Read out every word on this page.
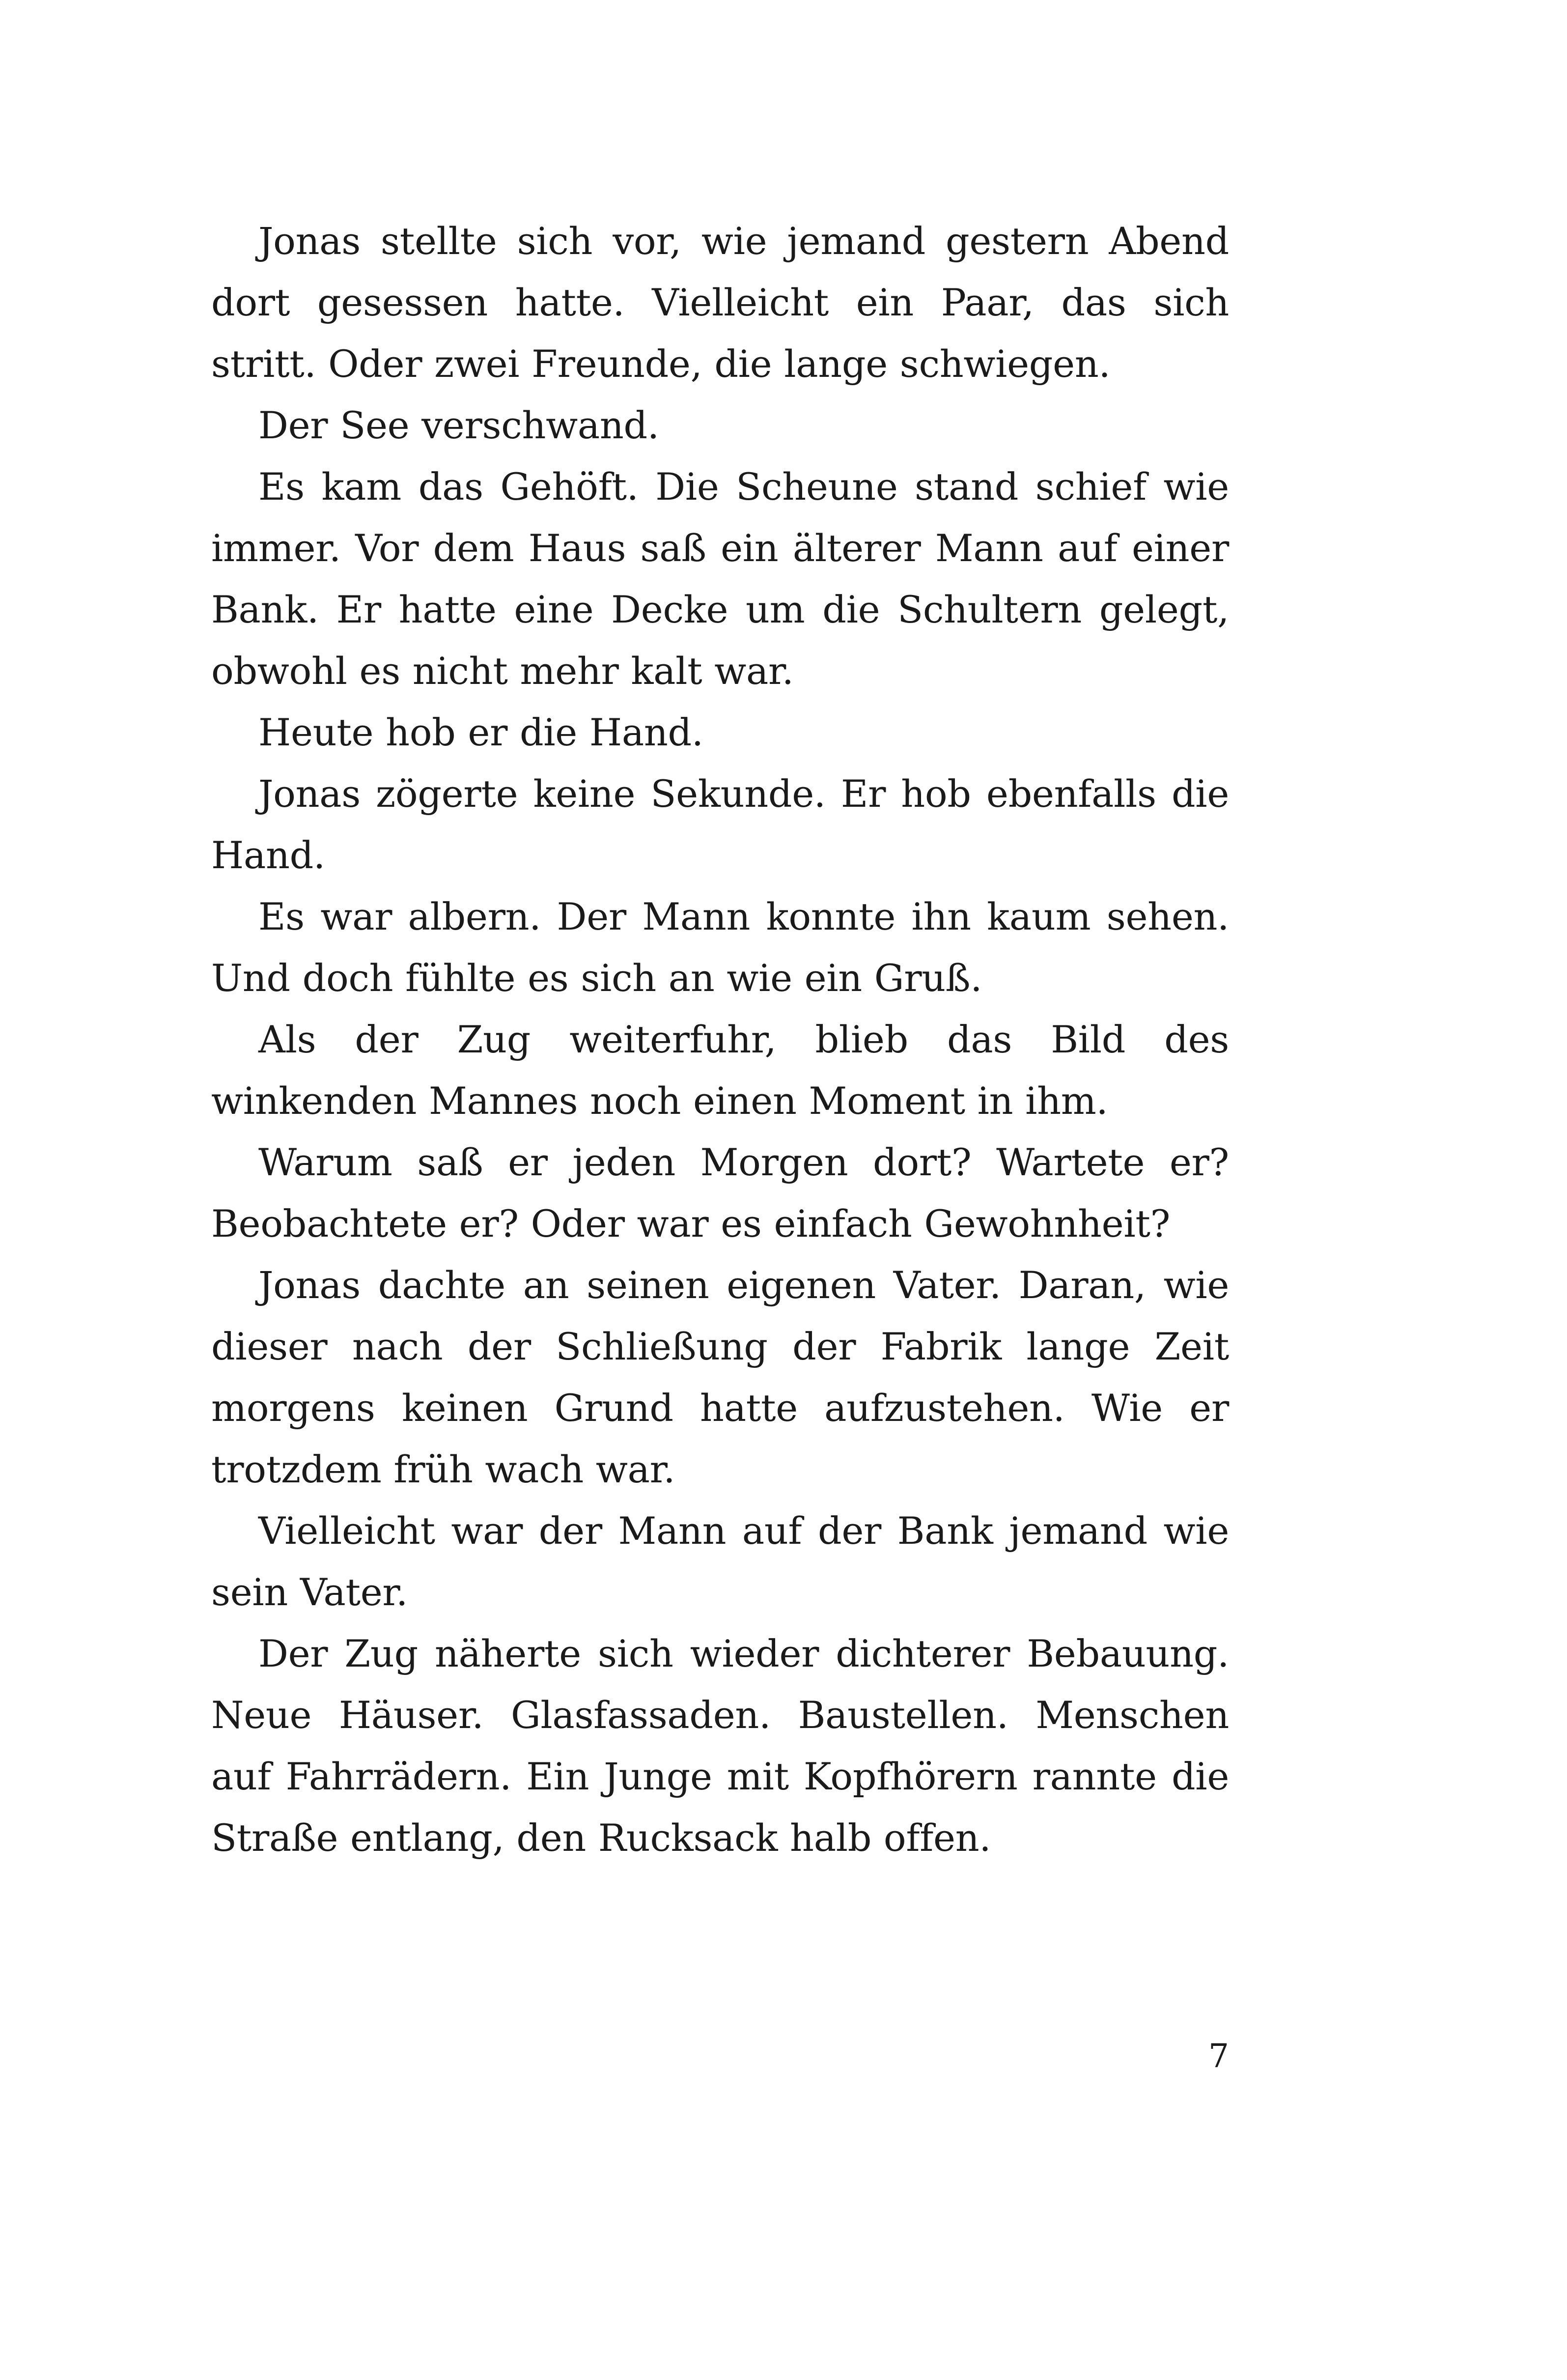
Jonas stellte sich vor, wie jemand gestern Abend dort gesessen hatte. Vielleicht ein Paar, das sich stritt. Oder zwei Freunde, die lange schwiegen.

Der See verschwand.

Es kam das Gehöft. Die Scheune stand schief wie immer. Vor dem Haus saß ein älterer Mann auf einer Bank. Er hatte eine Decke um die Schultern gelegt, obwohl es nicht mehr kalt war.

Heute hob er die Hand.

Jonas zögerte keine Sekunde. Er hob ebenfalls die Hand.

Es war albern. Der Mann konnte ihn kaum sehen. Und doch fühlte es sich an wie ein Gruß.

Als der Zug weiterfuhr, blieb das Bild des winkenden Mannes noch einen Moment in ihm.

Warum saß er jeden Morgen dort? Wartete er? Beobachtete er? Oder war es einfach Gewohnheit?

Jonas dachte an seinen eigenen Vater. Daran, wie dieser nach der Schließung der Fabrik lange Zeit morgens keinen Grund hatte aufzustehen. Wie er trotzdem früh wach war.

Vielleicht war der Mann auf der Bank jemand wie sein Vater.

Der Zug näherte sich wieder dichterer Bebauung. Neue Häuser. Glasfassaden. Baustellen. Menschen auf Fahrrädern. Ein Junge mit Kopfhörern rannte die Straße entlang, den Rucksack halb offen.

7
